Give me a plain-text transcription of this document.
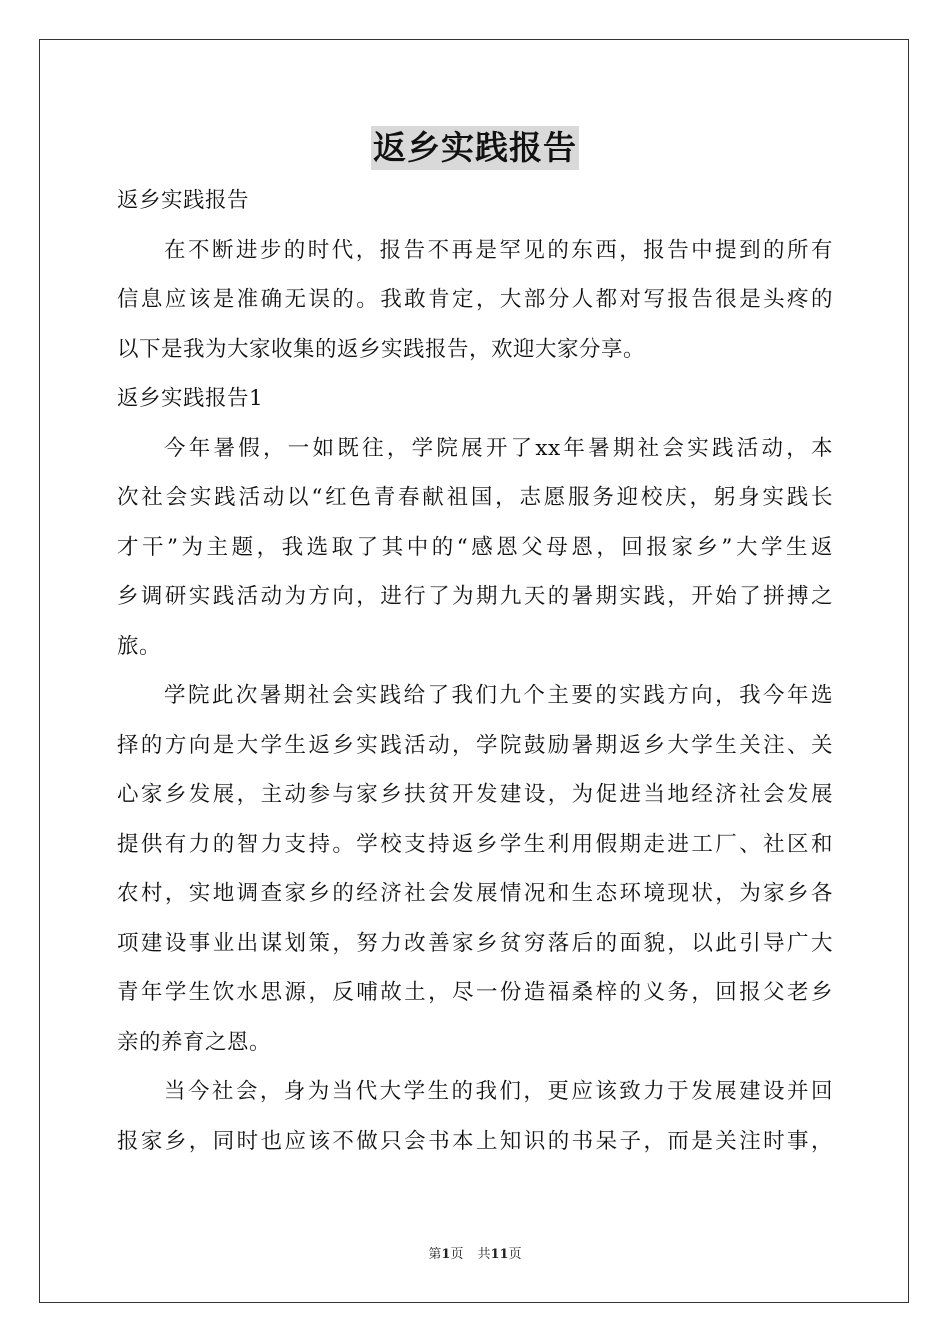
返乡实践报告
返乡实践报告
在不断进步的时代，报告不再是罕见的东西，报告中提到的所有
信息应该是准确无误的。我敢肯定，大部分人都对写报告很是头疼的
以下是我为大家收集的返乡实践报告，欢迎大家分享。
返乡实践报告1
今年暑假，一如既往，学院展开了xx年暑期社会实践活动，本
次社会实践活动以“红色青春献祖国，志愿服务迎校庆，躬身实践长
才干”为主题，我选取了其中的“感恩父母恩，回报家乡”大学生返
乡调研实践活动为方向，进行了为期九天的暑期实践，开始了拼搏之
旅。
学院此次暑期社会实践给了我们九个主要的实践方向，我今年选
择的方向是大学生返乡实践活动，学院鼓励暑期返乡大学生关注、关
心家乡发展，主动参与家乡扶贫开发建设，为促进当地经济社会发展
提供有力的智力支持。学校支持返乡学生利用假期走进工厂、社区和
农村，实地调查家乡的经济社会发展情况和生态环境现状，为家乡各
项建设事业出谋划策，努力改善家乡贫穷落后的面貌，以此引导广大
青年学生饮水思源，反哺故土，尽一份造福桑梓的义务，回报父老乡
亲的养育之恩。
当今社会，身为当代大学生的我们，更应该致力于发展建设并回
报家乡，同时也应该不做只会书本上知识的书呆子，而是关注时事，
第1页 共11页
